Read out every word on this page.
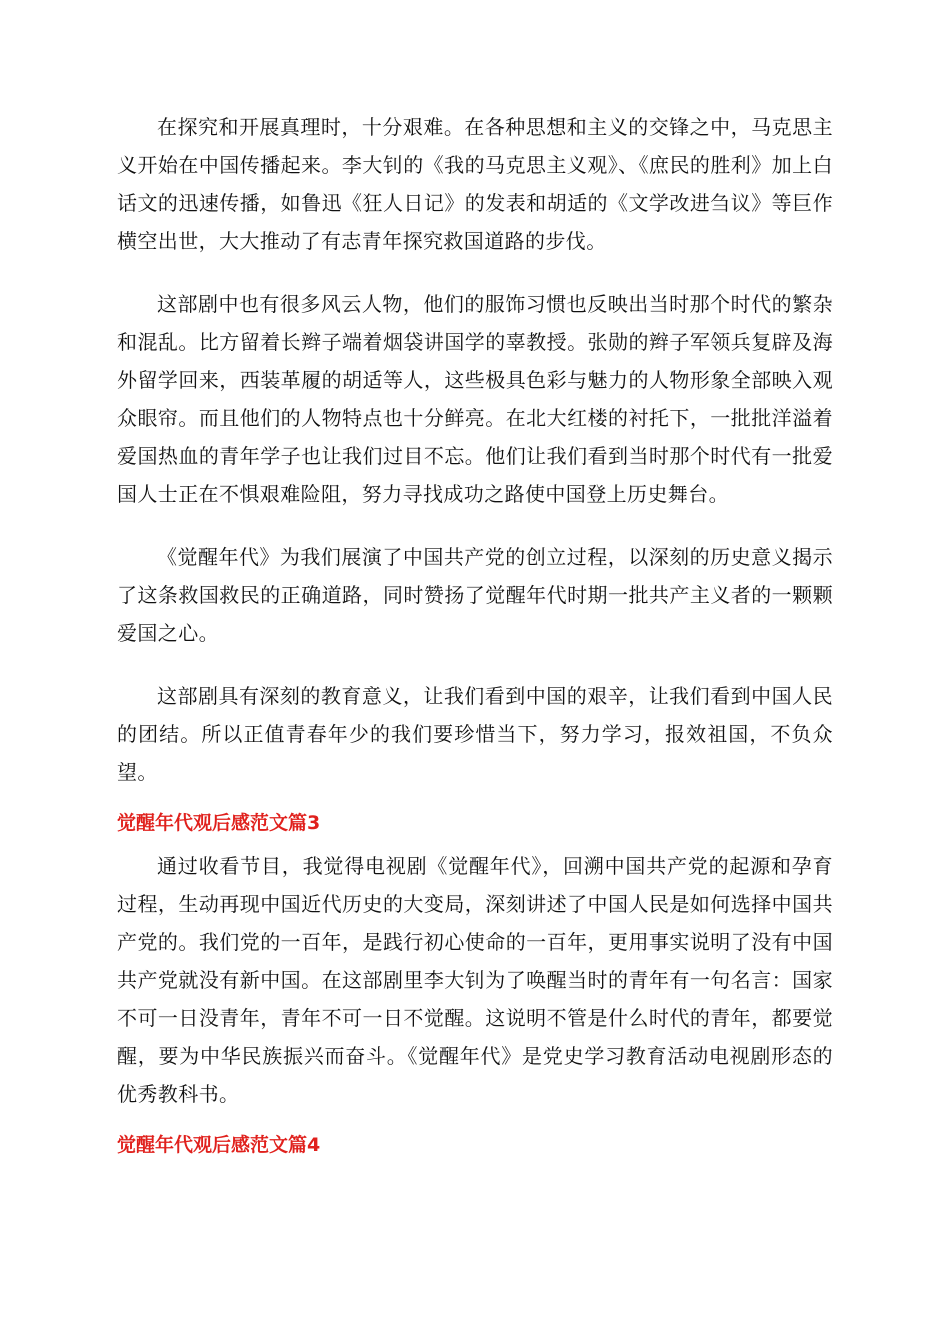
在探究和开展真理时，十分艰难。在各种思想和主义的交锋之中，马克思主义开始在中国传播起来。李大钊的《我的马克思主义观》、《庶民的胜利》加上白话文的迅速传播，如鲁迅《狂人日记》的发表和胡适的《文学改进刍议》等巨作横空出世，大大推动了有志青年探究救国道路的步伐。

这部剧中也有很多风云人物，他们的服饰习惯也反映出当时那个时代的繁杂和混乱。比方留着长辫子端着烟袋讲国学的辜教授。张勋的辫子军领兵复辟及海外留学回来，西装革履的胡适等人，这些极具色彩与魅力的人物形象全部映入观众眼帘。而且他们的人物特点也十分鲜亮。在北大红楼的衬托下，一批批洋溢着爱国热血的青年学子也让我们过目不忘。他们让我们看到当时那个时代有一批爱国人士正在不惧艰难险阻，努力寻找成功之路使中国登上历史舞台。

《觉醒年代》为我们展演了中国共产党的创立过程，以深刻的历史意义揭示了这条救国救民的正确道路，同时赞扬了觉醒年代时期一批共产主义者的一颗颗爱国之心。

这部剧具有深刻的教育意义，让我们看到中国的艰辛，让我们看到中国人民的团结。所以正值青春年少的我们要珍惜当下，努力学习，报效祖国，不负众望。

觉醒年代观后感范文篇3

通过收看节目，我觉得电视剧《觉醒年代》，回溯中国共产党的起源和孕育过程，生动再现中国近代历史的大变局，深刻讲述了中国人民是如何选择中国共产党的。我们党的一百年，是践行初心使命的一百年，更用事实说明了没有中国共产党就没有新中国。在这部剧里李大钊为了唤醒当时的青年有一句名言：国家不可一日没青年，青年不可一日不觉醒。这说明不管是什么时代的青年，都要觉醒，要为中华民族振兴而奋斗。《觉醒年代》是党史学习教育活动电视剧形态的优秀教科书。

觉醒年代观后感范文篇4
